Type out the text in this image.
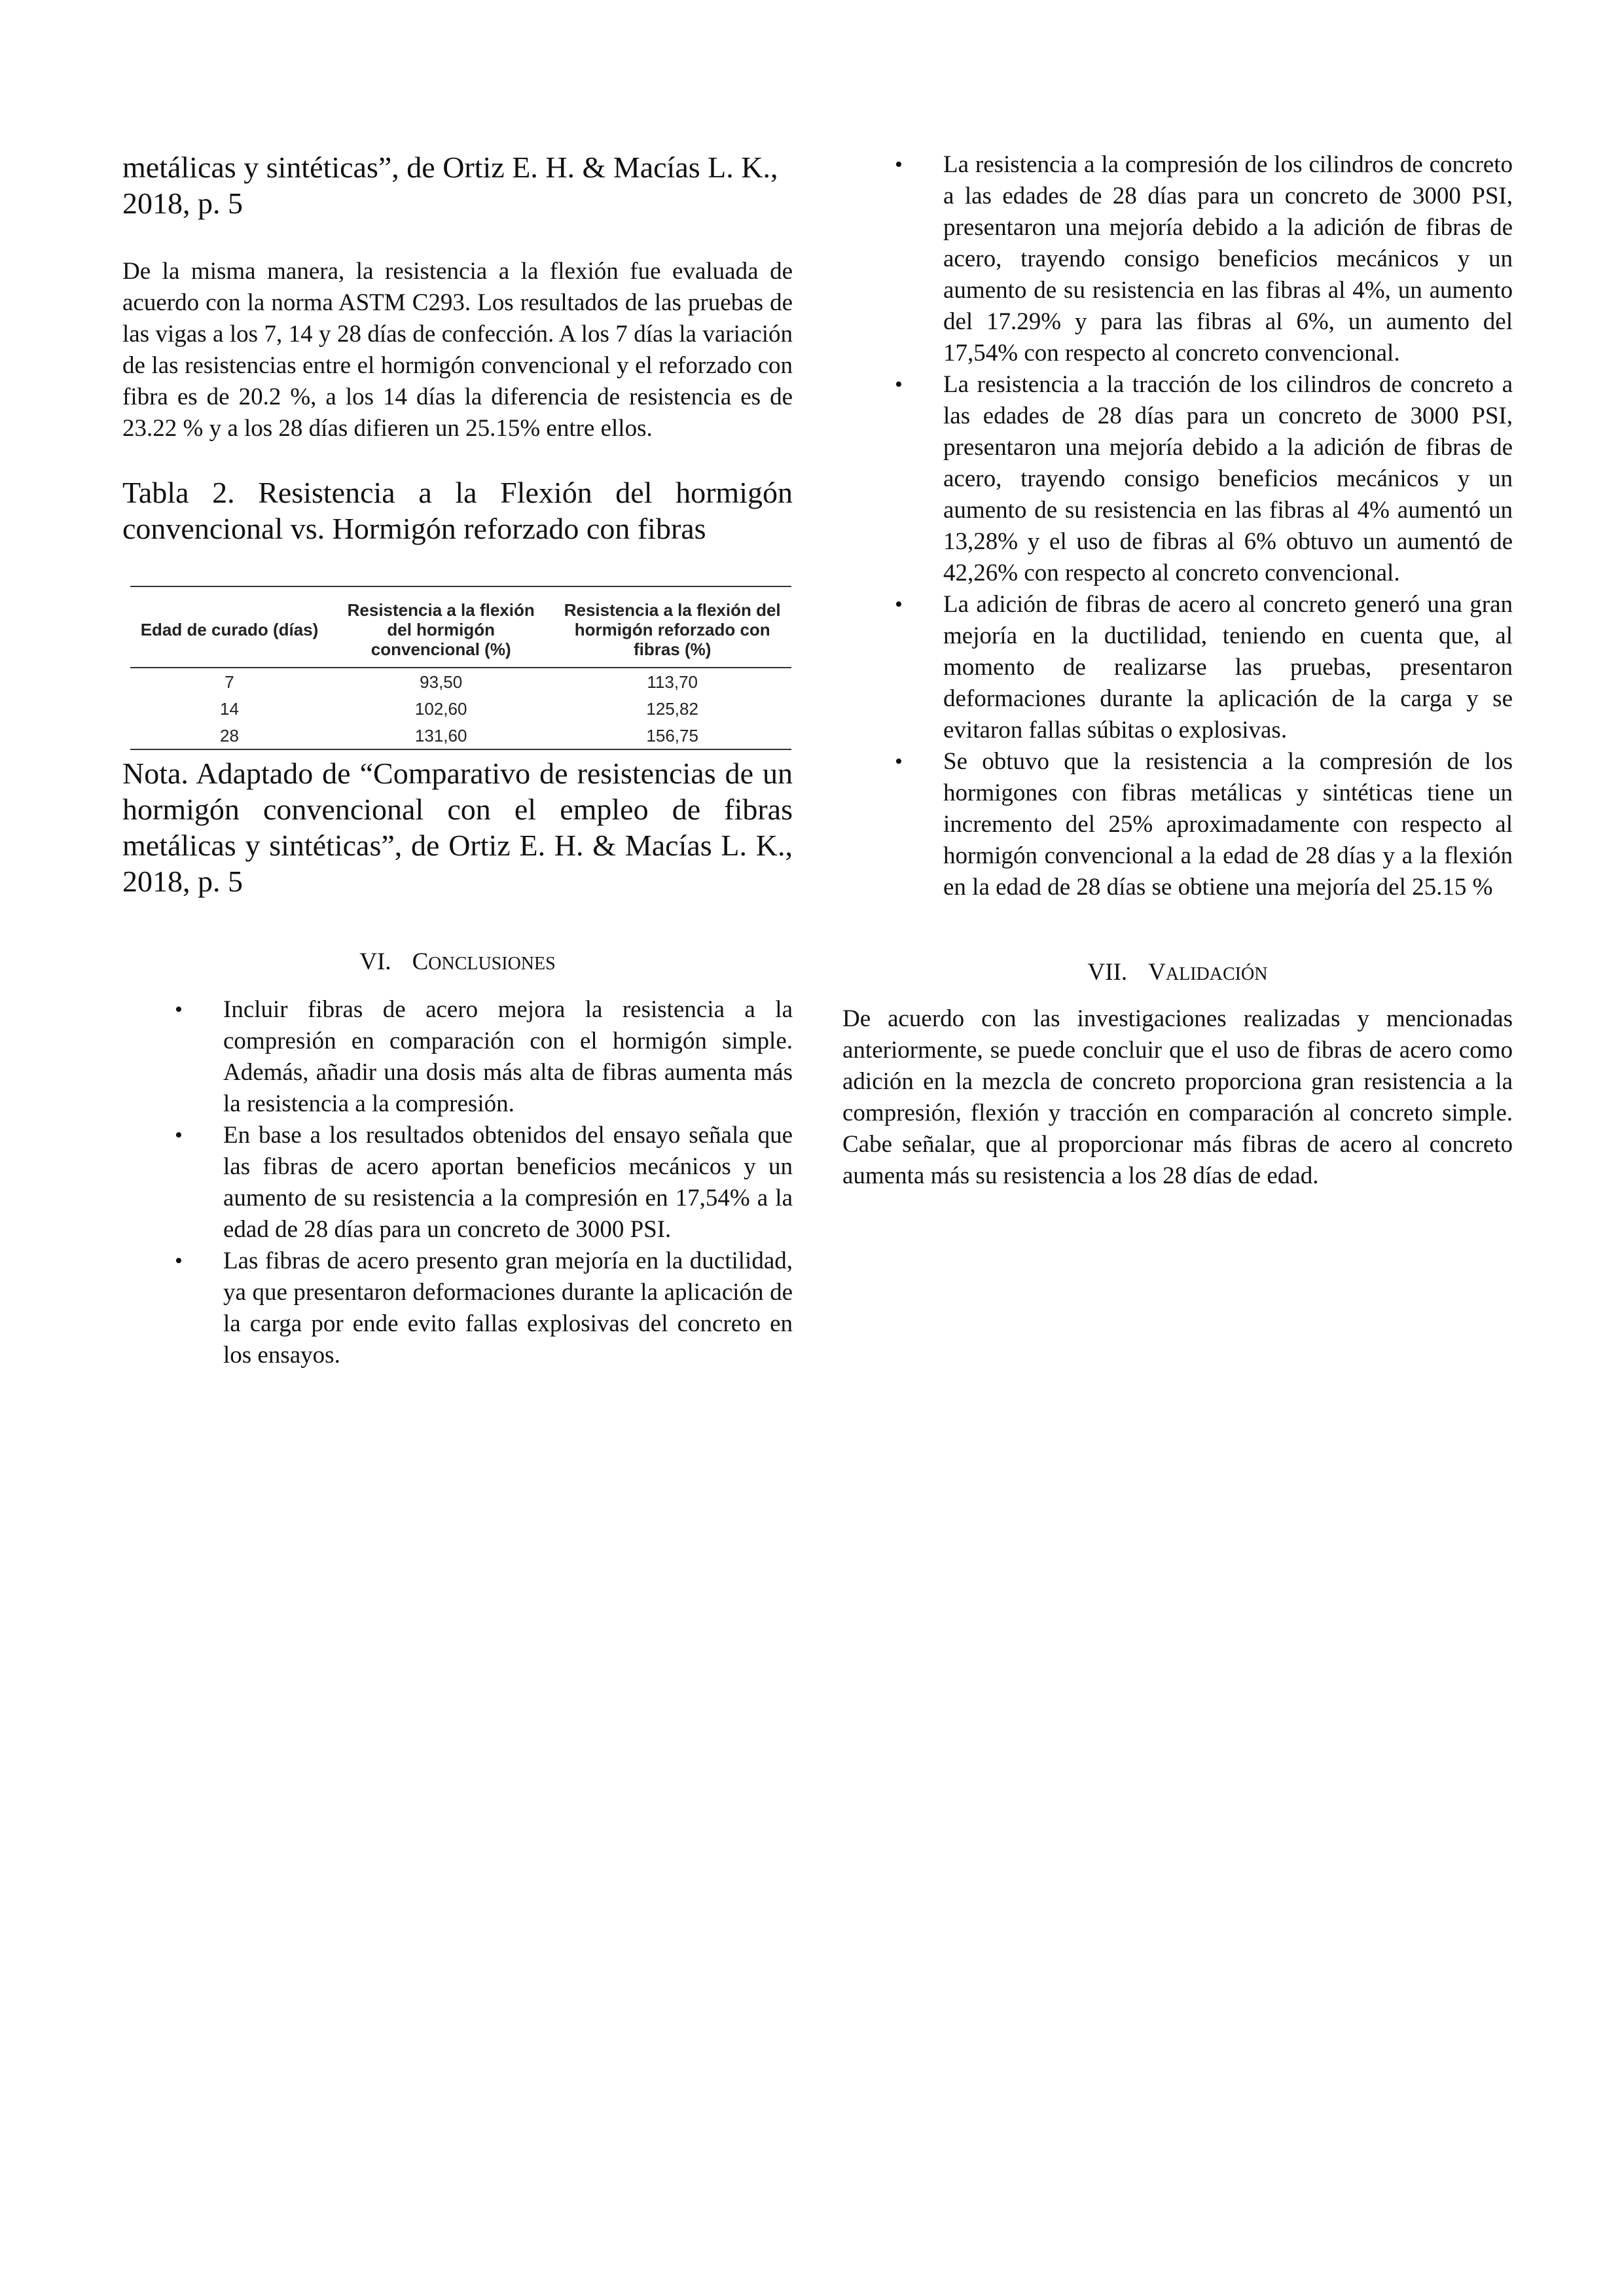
metálicas y sintéticas”, de Ortiz E. H. & Macías L. K., 2018, p. 5

De la misma manera, la resistencia a la flexión fue evaluada de acuerdo con la norma ASTM C293. Los resultados de las pruebas de las vigas a los 7, 14 y 28 días de confección. A los 7 días la variación de las resistencias entre el hormigón convencional y el reforzado con fibra es de 20.2 %, a los 14 días la diferencia de resistencia es de 23.22 % y a los 28 días difieren un 25.15% entre ellos.

Tabla 2. Resistencia a la Flexión del hormigón convencional vs. Hormigón reforzado con fibras

Edad de curado (días)	Resistencia a la flexión del hormigón convencional (%)	Resistencia a la flexión del hormigón reforzado con fibras (%)
7	93,50	113,70
14	102,60	125,82
28	131,60	156,75

Nota. Adaptado de “Comparativo de resistencias de un hormigón convencional con el empleo de fibras metálicas y sintéticas”, de Ortiz E. H. & Macías L. K., 2018, p. 5

VI. CONCLUSIONES
• Incluir fibras de acero mejora la resistencia a la compresión en comparación con el hormigón simple. Además, añadir una dosis más alta de fibras aumenta más la resistencia a la compresión.
• En base a los resultados obtenidos del ensayo señala que las fibras de acero aportan beneficios mecánicos y un aumento de su resistencia a la compresión en 17,54% a la edad de 28 días para un concreto de 3000 PSI.
• Las fibras de acero presento gran mejoría en la ductilidad, ya que presentaron deformaciones durante la aplicación de la carga por ende evito fallas explosivas del concreto en los ensayos.
• La resistencia a la compresión de los cilindros de concreto a las edades de 28 días para un concreto de 3000 PSI, presentaron una mejoría debido a la adición de fibras de acero, trayendo consigo beneficios mecánicos y un aumento de su resistencia en las fibras al 4%, un aumento del 17.29% y para las fibras al 6%, un aumento del 17,54% con respecto al concreto convencional.
• La resistencia a la tracción de los cilindros de concreto a las edades de 28 días para un concreto de 3000 PSI, presentaron una mejoría debido a la adición de fibras de acero, trayendo consigo beneficios mecánicos y un aumento de su resistencia en las fibras al 4% aumentó un 13,28% y el uso de fibras al 6% obtuvo un aumentó de 42,26% con respecto al concreto convencional.
• La adición de fibras de acero al concreto generó una gran mejoría en la ductilidad, teniendo en cuenta que, al momento de realizarse las pruebas, presentaron deformaciones durante la aplicación de la carga y se evitaron fallas súbitas o explosivas.
• Se obtuvo que la resistencia a la compresión de los hormigones con fibras metálicas y sintéticas tiene un incremento del 25% aproximadamente con respecto al hormigón convencional a la edad de 28 días y a la flexión en la edad de 28 días se obtiene una mejoría del 25.15 %
VII. VALIDACIÓN

De acuerdo con las investigaciones realizadas y mencionadas anteriormente, se puede concluir que el uso de fibras de acero como adición en la mezcla de concreto proporciona gran resistencia a la compresión, flexión y tracción en comparación al concreto simple. Cabe señalar, que al proporcionar más fibras de acero al concreto aumenta más su resistencia a los 28 días de edad.
